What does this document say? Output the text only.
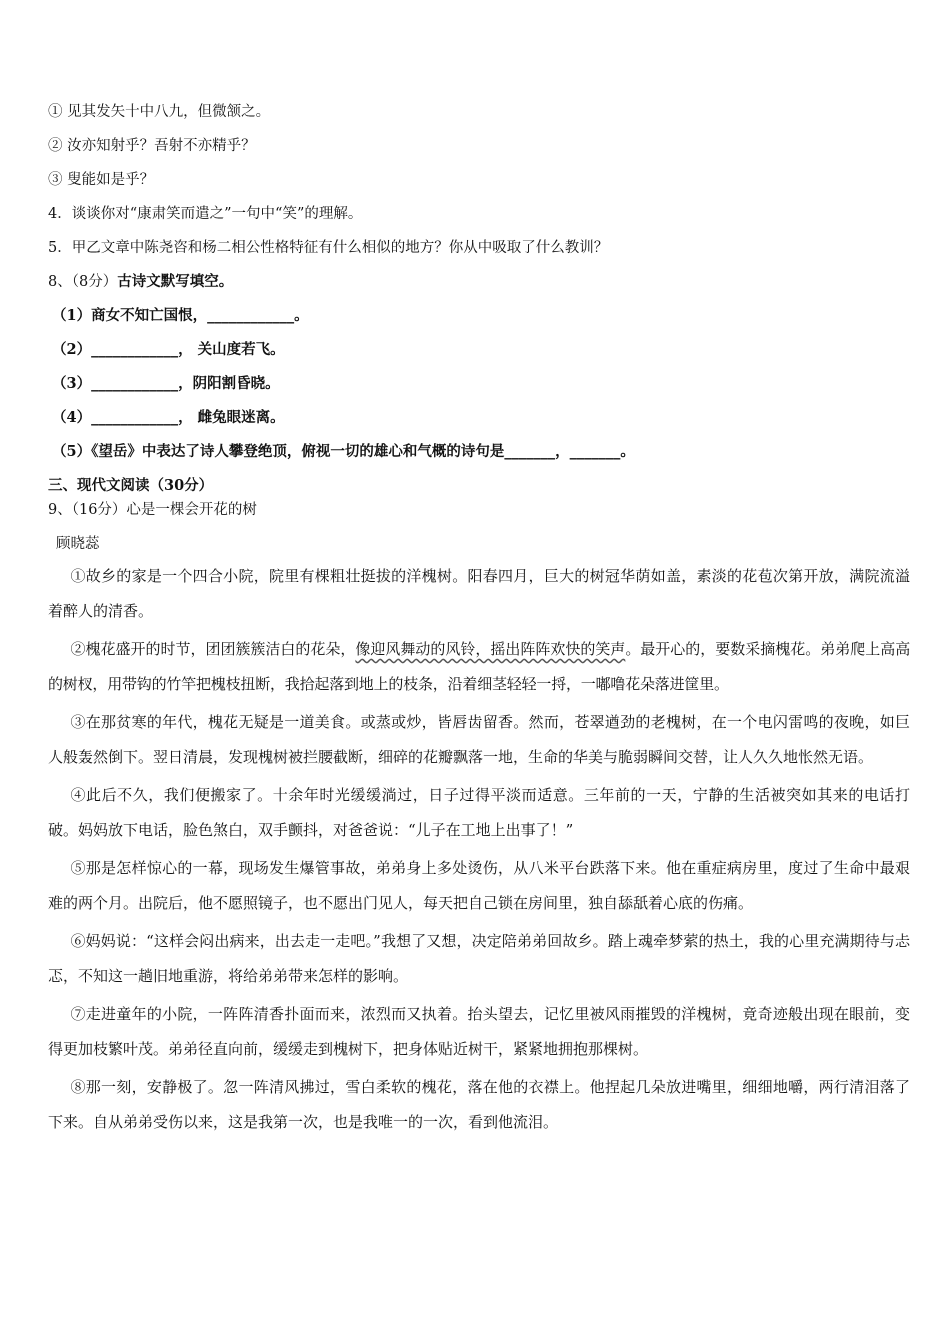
① 见其发矢十中八九，但微颔之。
② 汝亦知射乎？吾射不亦精乎？
③ 叟能如是乎？
4．谈谈你对“康肃笑而遣之”一句中“笑”的理解。
5．甲乙文章中陈尧咨和杨二相公性格特征有什么相似的地方？你从中吸取了什么教训？
8、（8分）古诗文默写填空。
（1）商女不知亡国恨，____________。
（2）____________， 关山度若飞。
（3）____________，阴阳割昏晓。
（4）____________， 雌兔眼迷离。
（5）《望岳》中表达了诗人攀登绝顶，俯视一切的雄心和气概的诗句是_______，_______。
三、现代文阅读（30分）
9、（16分）心是一棵会开花的树
顾晓蕊

①故乡的家是一个四合小院，院里有棵粗壮挺拔的洋槐树。阳春四月，巨大的树冠华荫如盖，素淡的花苞次第开放，满院流溢着醉人的清香。

②槐花盛开的时节，团团簇簇洁白的花朵，像迎风舞动的风铃，摇出阵阵欢快的笑声。最开心的，要数采摘槐花。弟弟爬上高高的树杈，用带钩的竹竿把槐枝扭断，我拾起落到地上的枝条，沿着细茎轻轻一捋，一嘟噜花朵落进筐里。

③在那贫寒的年代，槐花无疑是一道美食。或蒸或炒，皆唇齿留香。然而，苍翠遒劲的老槐树，在一个电闪雷鸣的夜晚，如巨人般轰然倒下。翌日清晨，发现槐树被拦腰截断，细碎的花瓣飘落一地，生命的华美与脆弱瞬间交替，让人久久地怅然无语。

④此后不久，我们便搬家了。十余年时光缓缓淌过，日子过得平淡而适意。三年前的一天，宁静的生活被突如其来的电话打破。妈妈放下电话，脸色煞白，双手颤抖，对爸爸说：“儿子在工地上出事了！”

⑤那是怎样惊心的一幕，现场发生爆管事故，弟弟身上多处烫伤，从八米平台跌落下来。他在重症病房里，度过了生命中最艰难的两个月。出院后，他不愿照镜子，也不愿出门见人，每天把自己锁在房间里，独自舔舐着心底的伤痛。

⑥妈妈说：“这样会闷出病来，出去走一走吧。”我想了又想，决定陪弟弟回故乡。踏上魂牵梦萦的热土，我的心里充满期待与忐忑，不知这一趟旧地重游，将给弟弟带来怎样的影响。

⑦走进童年的小院，一阵阵清香扑面而来，浓烈而又执着。抬头望去，记忆里被风雨摧毁的洋槐树，竟奇迹般出现在眼前，变得更加枝繁叶茂。弟弟径直向前，缓缓走到槐树下，把身体贴近树干，紧紧地拥抱那棵树。

⑧那一刻，安静极了。忽一阵清风拂过，雪白柔软的槐花，落在他的衣襟上。他捏起几朵放进嘴里，细细地嚼，两行清泪落了下来。自从弟弟受伤以来，这是我第一次，也是我唯一的一次，看到他流泪。
